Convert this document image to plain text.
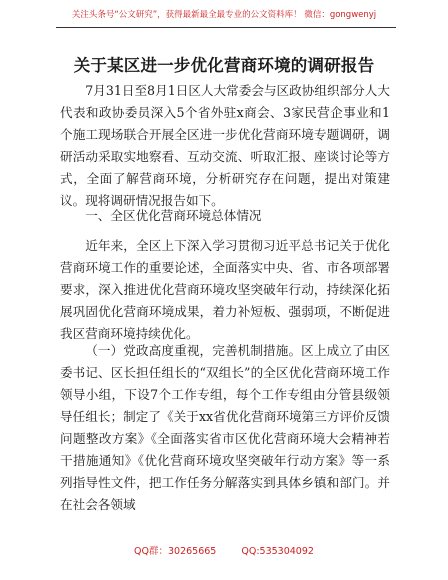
关注头条号“公文研究”，获得最新最全最专业的公文资料库！ 微信：gongwenyj
关于某区进一步优化营商环境的调研报告
7月31日至8月1日区人大常委会与区政协组织部分人大代表和政协委员深入5个省外驻x商会、3家民营企事业和1个施工现场联合开展全区进一步优化营商环境专题调研，调研活动采取实地察看、互动交流、听取汇报、座谈讨论等方式，全面了解营商环境，分析研究存在问题，提出对策建议。现将调研情况报告如下。
一、全区优化营商环境总体情况
近年来，全区上下深入学习贯彻习近平总书记关于优化营商环境工作的重要论述，全面落实中央、省、市各项部署要求，深入推进优化营商环境攻坚突破年行动，持续深化拓展巩固优化营商环境成果，着力补短板、强弱项，不断促进我区营商环境持续优化。
（一）党政高度重视，完善机制措施。区上成立了由区委书记、区长担任组长的“双组长”的全区优化营商环境工作领导小组，下设7个工作专组，每个工作专组由分管县级领导任组长；制定了《关于xx省优化营商环境第三方评价反馈问题整改方案》《全面落实省市区优化营商环境大会精神若干措施通知》《优化营商环境攻坚突破年行动方案》等一系列指导性文件，把工作任务分解落实到具体乡镇和部门。并在社会各领域
QQ群：30265665	QQ:535304092
